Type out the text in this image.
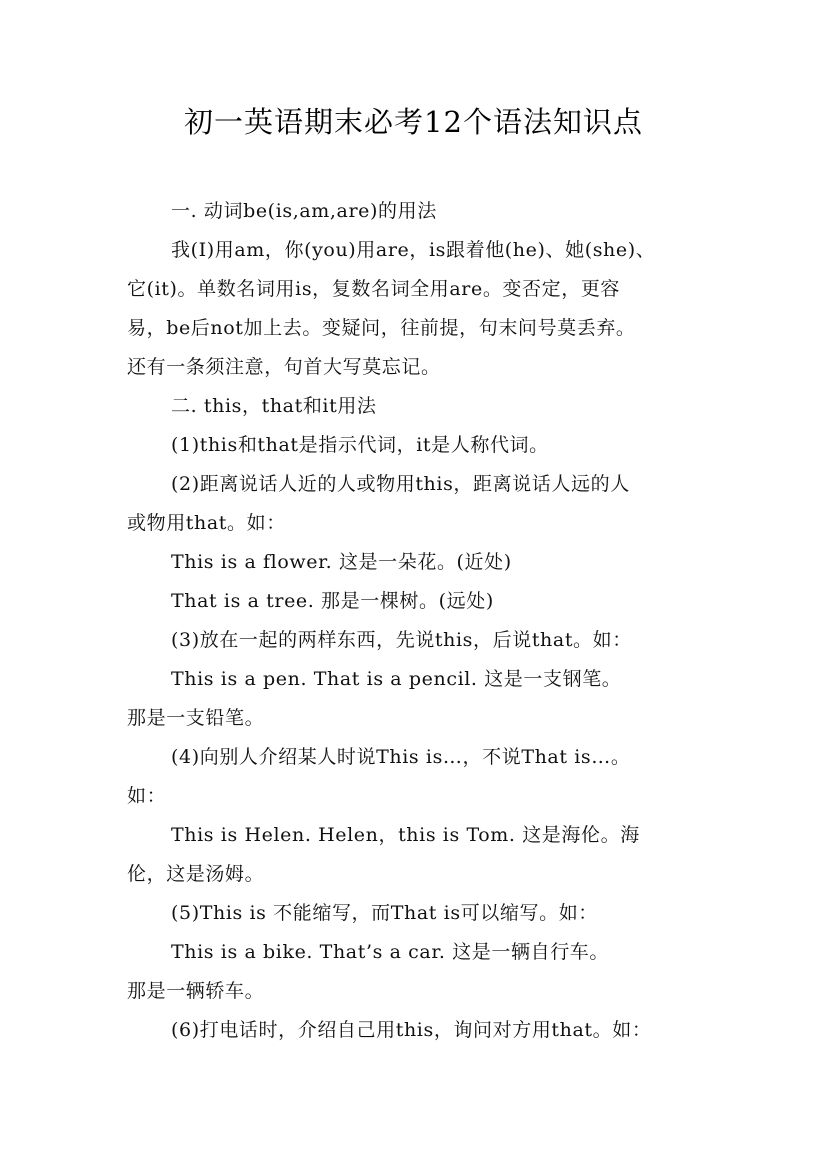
初一英语期末必考12个语法知识点
一. 动词be(is,am,are)的用法
我(I)用am，你(you)用are，is跟着他(he)、她(she)、
它(it)。单数名词用is，复数名词全用are。变否定，更容
易，be后not加上去。变疑问，往前提，句末问号莫丢弃。
还有一条须注意，句首大写莫忘记。
二. this，that和it用法
(1)this和that是指示代词，it是人称代词。
(2)距离说话人近的人或物用this，距离说话人远的人
或物用that。如：
This is a flower. 这是一朵花。(近处)
That is a tree. 那是一棵树。(远处)
(3)放在一起的两样东西，先说this，后说that。如：
This is a pen. That is a pencil. 这是一支钢笔。
那是一支铅笔。
(4)向别人介绍某人时说This is…，不说That is…。
如：
This is Helen. Helen，this is Tom. 这是海伦。海
伦，这是汤姆。
(5)This is 不能缩写，而That is可以缩写。如：
This is a bike. That’s a car. 这是一辆自行车。
那是一辆轿车。
(6)打电话时，介绍自己用this，询问对方用that。如：
